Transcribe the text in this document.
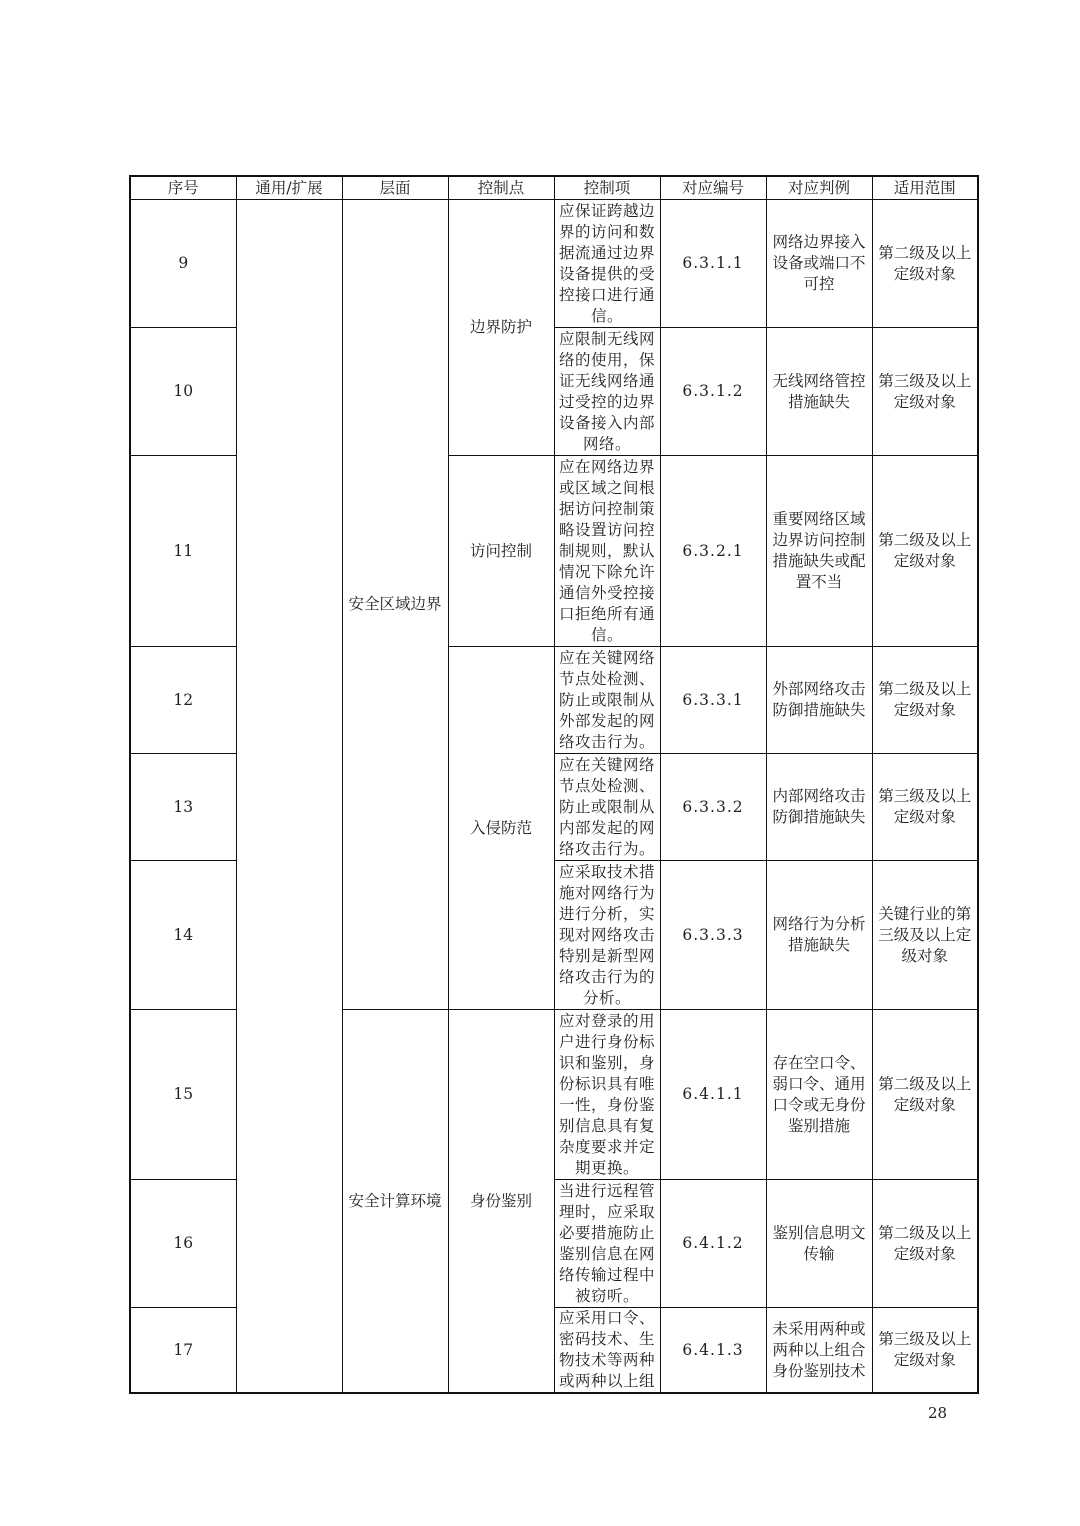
序号	通用/扩展	层面	控制点	控制项	对应编号	对应判例	适用范围
9		安全区域边界	边界防护	应保证跨越边界的访问和数据流通过边界设备提供的受控接口进行通信。	6.3.1.1	网络边界接入设备或端口不可控	第二级及以上定级对象
10				应限制无线网络的使用，保证无线网络通过受控的边界设备接入内部网络。	6.3.1.2	无线网络管控措施缺失	第三级及以上定级对象
11			访问控制	应在网络边界或区域之间根据访问控制策略设置访问控制规则，默认情况下除允许通信外受控接口拒绝所有通信。	6.3.2.1	重要网络区域边界访问控制措施缺失或配置不当	第二级及以上定级对象
12			入侵防范	应在关键网络节点处检测、防止或限制从外部发起的网络攻击行为。	6.3.3.1	外部网络攻击防御措施缺失	第二级及以上定级对象
13				应在关键网络节点处检测、防止或限制从内部发起的网络攻击行为。	6.3.3.2	内部网络攻击防御措施缺失	第三级及以上定级对象
14				应采取技术措施对网络行为进行分析，实现对网络攻击特别是新型网络攻击行为的分析。	6.3.3.3	网络行为分析措施缺失	关键行业的第三级及以上定级对象
15		安全计算环境	身份鉴别	应对登录的用户进行身份标识和鉴别，身份标识具有唯一性，身份鉴别信息具有复杂度要求并定期更换。	6.4.1.1	存在空口令、弱口令、通用口令或无身份鉴别措施	第二级及以上定级对象
16				当进行远程管理时，应采取必要措施防止鉴别信息在网络传输过程中被窃听。	6.4.1.2	鉴别信息明文传输	第二级及以上定级对象
17				应采用口令、密码技术、生物技术等两种或两种以上组	6.4.1.3	未采用两种或两种以上组合身份鉴别技术	第三级及以上定级对象
28
